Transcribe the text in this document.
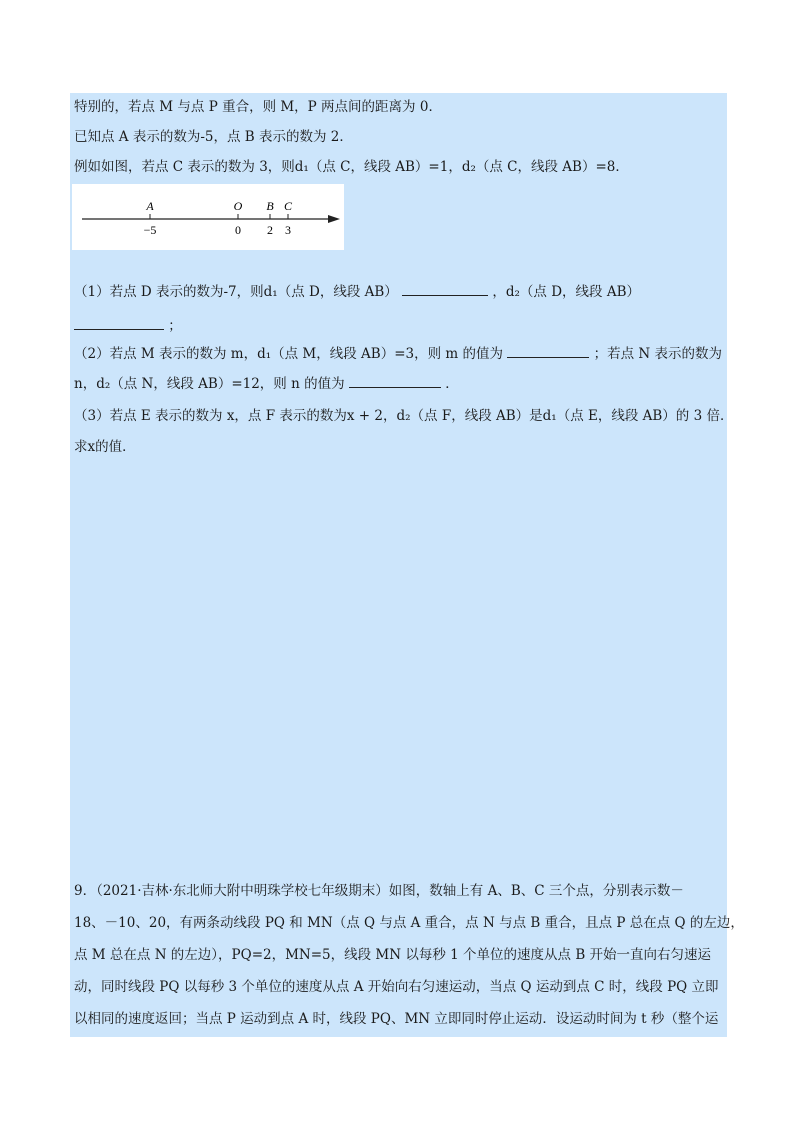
特别的，若点 M 与点 P 重合，则 M，P 两点间的距离为 0．
已知点 A 表示的数为-5，点 B 表示的数为 2．
例如如图，若点 C 表示的数为 3，则d₁（点 C，线段 AB）=1，d₂（点 C，线段 AB）=8．
A	O B C
−5	0 2 3
（1）若点 D 表示的数为-7，则d₁（点 D，线段 AB）	，d₂（点 D，线段 AB）
；
（2）若点 M 表示的数为 m，d₁（点 M，线段 AB）=3，则 m 的值为	；若点 N 表示的数为
n，d₂（点 N，线段 AB）=12，则 n 的值为	．
（3）若点 E 表示的数为 x，点 F 表示的数为x + 2，d₂（点 F，线段 AB）是d₁（点 E，线段 AB）的 3 倍．
求x的值．
9．（2021·吉林·东北师大附中明珠学校七年级期末）如图，数轴上有 A、B、C 三个点，分别表示数－
18、－10、20，有两条动线段 PQ 和 MN（点 Q 与点 A 重合，点 N 与点 B 重合，且点 P 总在点 Q 的左边，
点 M 总在点 N 的左边），PQ=2，MN=5，线段 MN 以每秒 1 个单位的速度从点 B 开始一直向右匀速运
动，同时线段 PQ 以每秒 3 个单位的速度从点 A 开始向右匀速运动，当点 Q 运动到点 C 时，线段 PQ 立即
以相同的速度返回；当点 P 运动到点 A 时，线段 PQ、MN 立即同时停止运动．设运动时间为 t 秒（整个运
